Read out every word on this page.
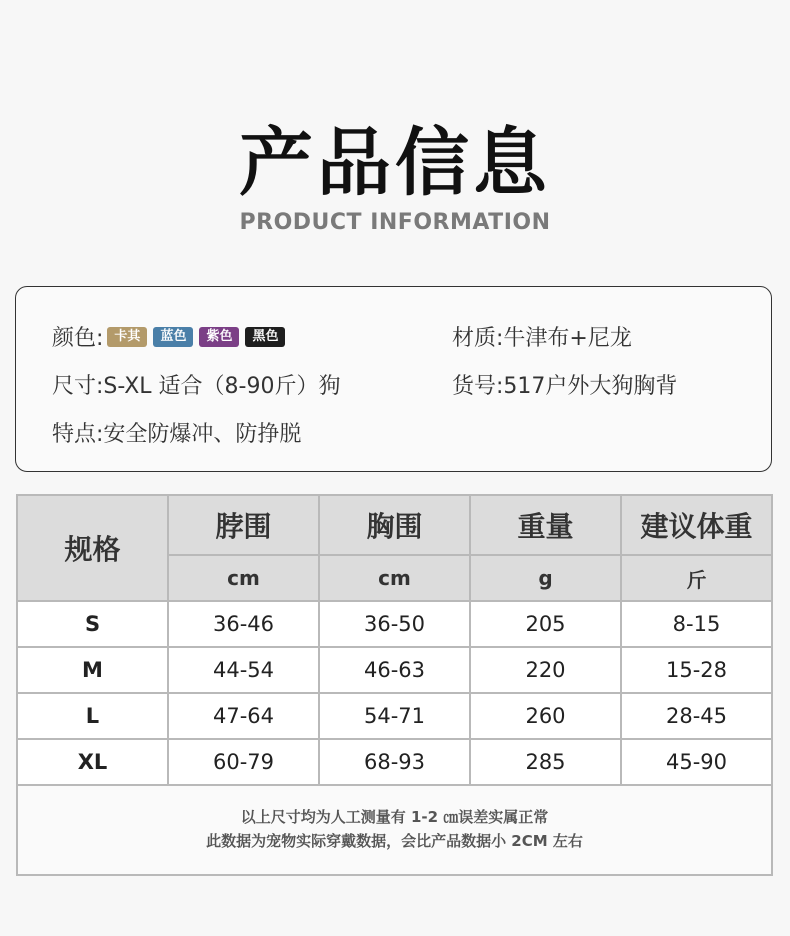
产品信息
PRODUCT INFORMATION
颜色: 卡其	蓝色	紫色	黑色	材质:牛津布+尼龙
尺寸:S-XL 适合（8-90斤）狗	货号:517户外大狗胸背
特点:安全防爆冲、防挣脱
规格	脖围	胸围	重量	建议体重
	cm	cm	g	斤
S	36-46	36-50	205	8-15
M	44-54	46-63	220	15-28
L	47-64	54-71	260	28-45
XL	60-79	68-93	285	45-90
以上尺寸均为人工测量有 1-2 ㎝误差实属正常
此数据为宠物实际穿戴数据，会比产品数据小 2CM 左右
